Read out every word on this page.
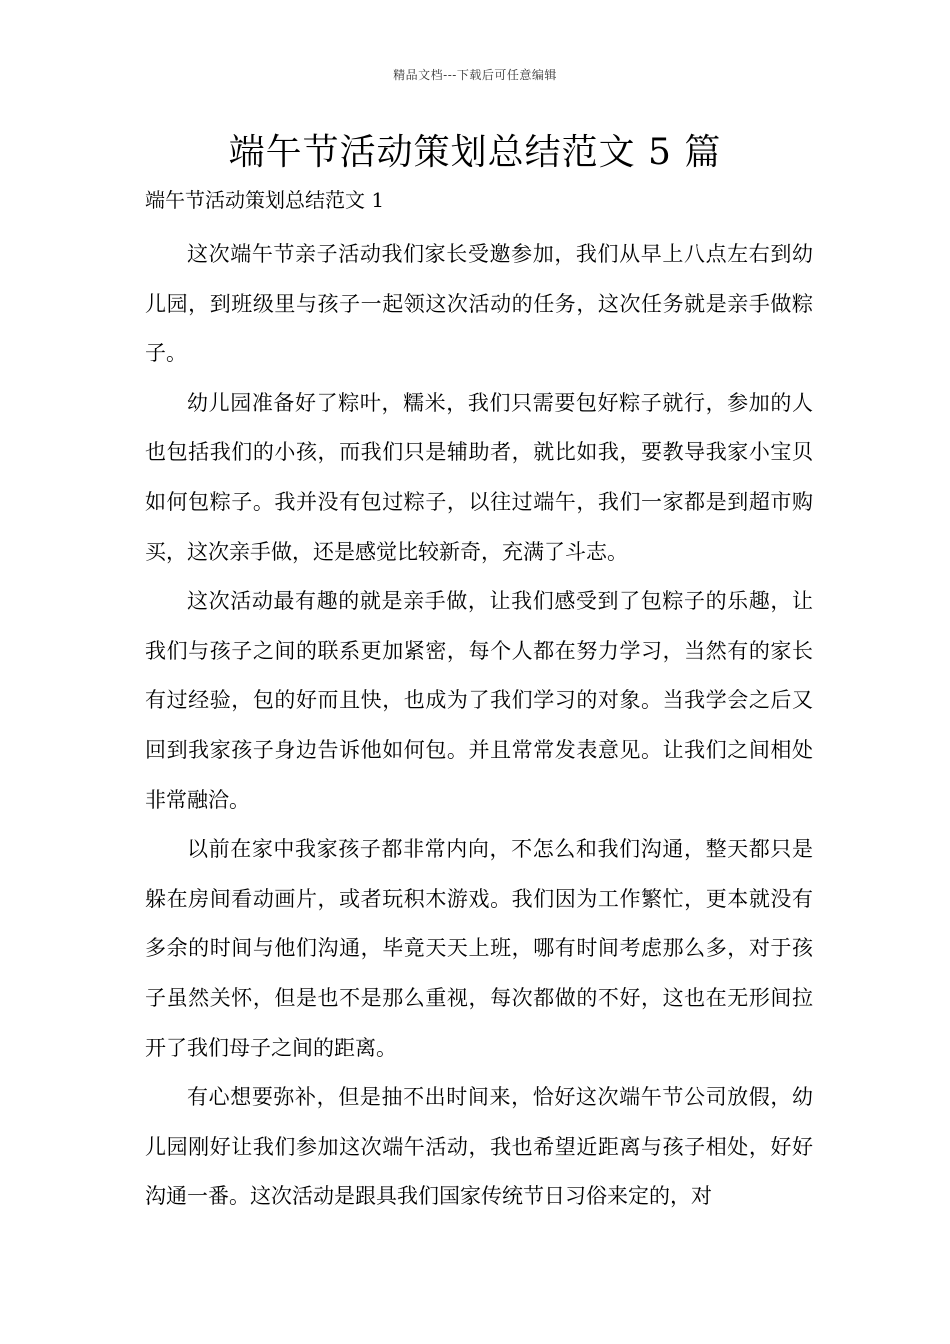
精品文档---下载后可任意编辑
端午节活动策划总结范文 5 篇
端午节活动策划总结范文 1

这次端午节亲子活动我们家长受邀参加，我们从早上八点左右到幼儿园，到班级里与孩子一起领这次活动的任务，这次任务就是亲手做粽子。

幼儿园准备好了粽叶，糯米，我们只需要包好粽子就行，参加的人也包括我们的小孩，而我们只是辅助者，就比如我，要教导我家小宝贝如何包粽子。我并没有包过粽子，以往过端午，我们一家都是到超市购买，这次亲手做，还是感觉比较新奇，充满了斗志。

这次活动最有趣的就是亲手做，让我们感受到了包粽子的乐趣，让我们与孩子之间的联系更加紧密，每个人都在努力学习，当然有的家长有过经验，包的好而且快，也成为了我们学习的对象。当我学会之后又回到我家孩子身边告诉他如何包。并且常常发表意见。让我们之间相处非常融洽。

以前在家中我家孩子都非常内向，不怎么和我们沟通，整天都只是躲在房间看动画片，或者玩积木游戏。我们因为工作繁忙，更本就没有多余的时间与他们沟通，毕竟天天上班，哪有时间考虑那么多，对于孩子虽然关怀，但是也不是那么重视，每次都做的不好，这也在无形间拉开了我们母子之间的距离。

有心想要弥补，但是抽不出时间来，恰好这次端午节公司放假，幼儿园刚好让我们参加这次端午活动，我也希望近距离与孩子相处，好好沟通一番。这次活动是跟具我们国家传统节日习俗来定的，对
